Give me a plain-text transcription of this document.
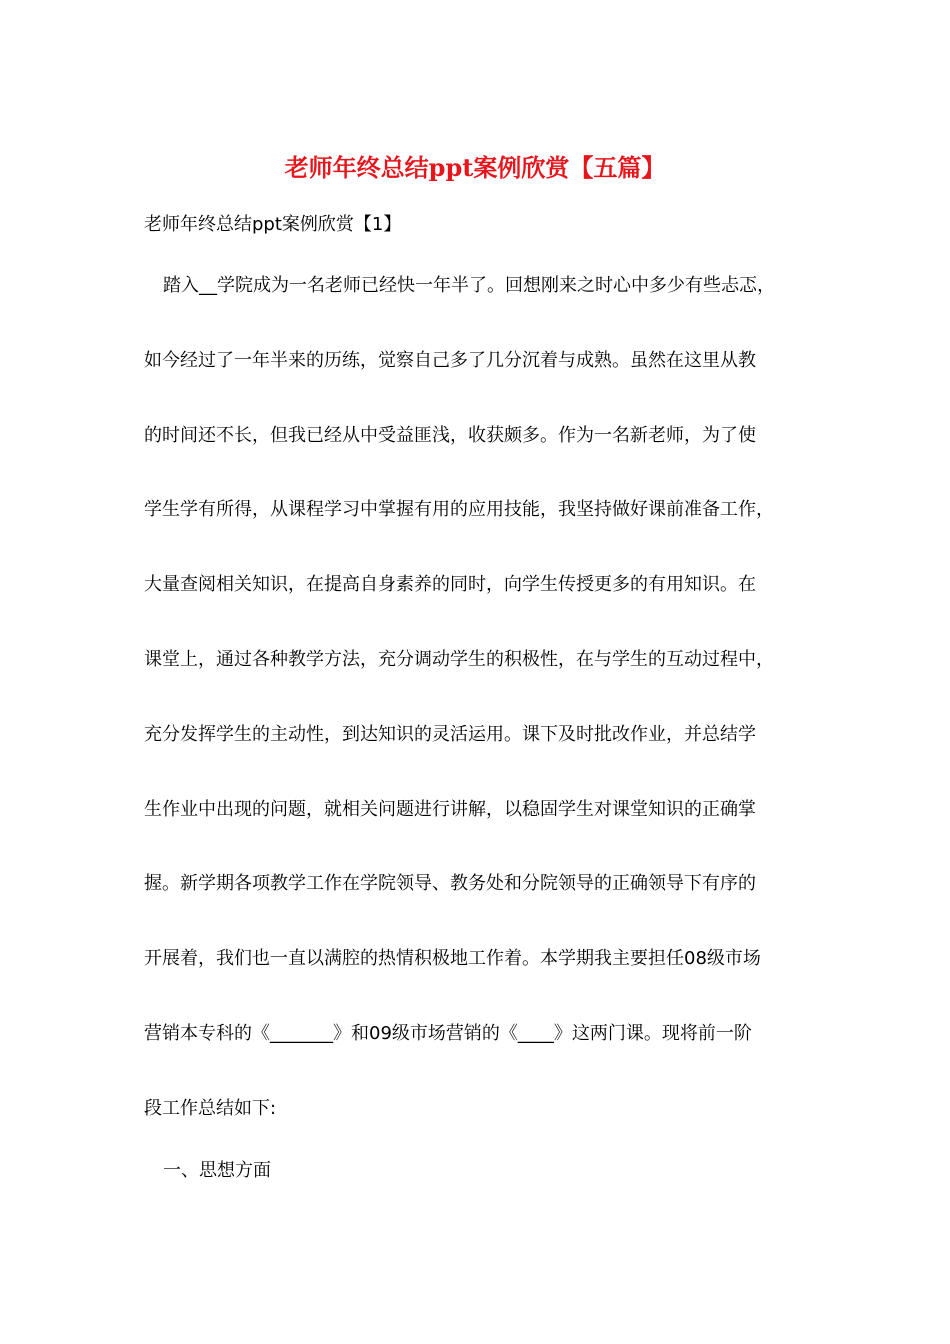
老师年终总结ppt案例欣赏【五篇】
老师年终总结ppt案例欣赏【1】
踏入__学院成为一名老师已经快一年半了。回想刚来之时心中多少有些忐忑，
如今经过了一年半来的历练，觉察自己多了几分沉着与成熟。虽然在这里从教
的时间还不长，但我已经从中受益匪浅，收获颇多。作为一名新老师，为了使
学生学有所得，从课程学习中掌握有用的应用技能，我坚持做好课前准备工作，
大量查阅相关知识，在提高自身素养的同时，向学生传授更多的有用知识。在
课堂上，通过各种教学方法，充分调动学生的积极性，在与学生的互动过程中，
充分发挥学生的主动性，到达知识的灵活运用。课下及时批改作业，并总结学
生作业中出现的问题，就相关问题进行讲解，以稳固学生对课堂知识的正确掌
握。新学期各项教学工作在学院领导、教务处和分院领导的正确领导下有序的
开展着，我们也一直以满腔的热情积极地工作着。本学期我主要担任08级市场
营销本专科的《_______》和09级市场营销的《____》这两门课。现将前一阶
段工作总结如下:
一、思想方面
